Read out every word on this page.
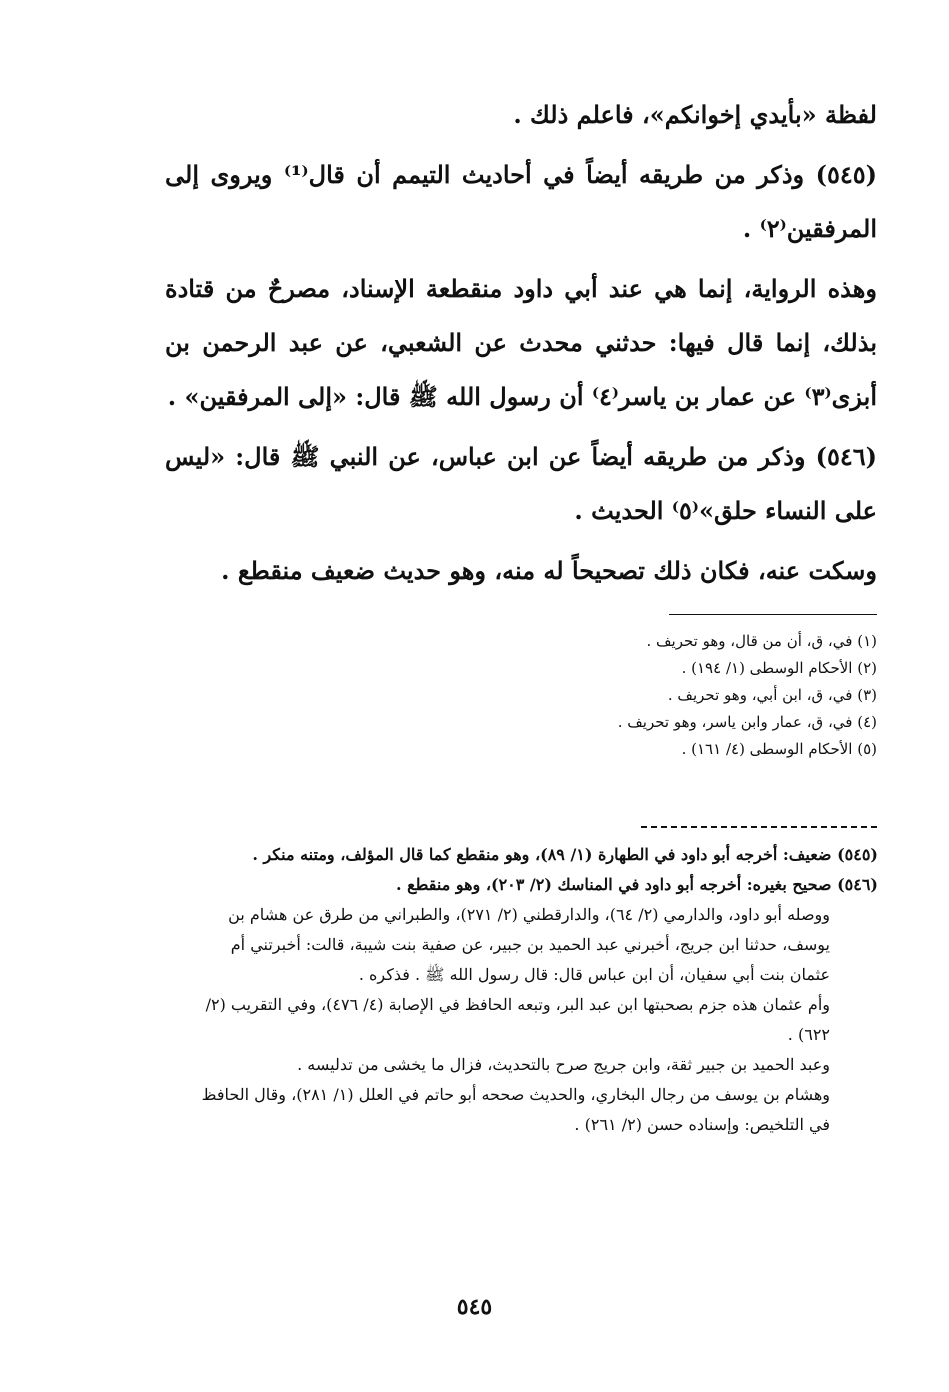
لفظة «بأيدي إخوانكم»، فاعلم ذلك .

(٥٤٥) وذكر من طريقه أيضاً في أحاديث التيمم أن قال⁽¹⁾ ويروى إلى المرفقين⁽٢⁾ .

وهذه الرواية، إنما هي عند أبي داود منقطعة الإسناد، مصرحٌ من قتادة بذلك، إنما قال فيها: حدثني محدث عن الشعبي، عن عبد الرحمن بن أبزى⁽٣⁾ عن عمار بن ياسر⁽٤⁾ أن رسول الله ﷺ قال: «إلى المرفقين» .

(٥٤٦) وذكر من طريقه أيضاً عن ابن عباس، عن النبي ﷺ قال: «ليس على النساء حلق»⁽٥⁾ الحديث .

وسكت عنه، فكان ذلك تصحيحاً له منه، وهو حديث ضعيف منقطع .

(١) في، ق، أن من قال، وهو تحريف .
(٢) الأحكام الوسطى (١/ ١٩٤) .
(٣) في، ق، ابن أبي، وهو تحريف .
(٤) في، ق، عمار وابن ياسر، وهو تحريف .
(٥) الأحكام الوسطى (٤/ ١٦١) .
(٥٤٥) ضعيف: أخرجه أبو داود في الطهارة (١/ ٨٩)، وهو منقطع كما قال المؤلف، ومتنه منكر .
(٥٤٦) صحيح بغيره: أخرجه أبو داود في المناسك (٢/ ٢٠٣)، وهو منقطع .
ووصله أبو داود، والدارمي (٢/ ٦٤)، والدارقطني (٢/ ٢٧١)، والطبراني من طرق عن هشام بن يوسف، حدثنا ابن جريج، أخبرني عبد الحميد بن جبير، عن صفية بنت شيبة، قالت: أخبرتني أم عثمان بنت أبي سفيان، أن ابن عباس قال: قال رسول الله ﷺ . فذكره .
وأم عثمان هذه جزم بصحبتها ابن عبد البر، وتبعه الحافظ في الإصابة (٤/ ٤٧٦)، وفي التقريب (٢/ ٦٢٢) .
وعبد الحميد بن جبير ثقة، وابن جريج صرح بالتحديث، فزال ما يخشى من تدليسه .
وهشام بن يوسف من رجال البخاري، والحديث صححه أبو حاتم في العلل (١/ ٢٨١)، وقال الحافظ في التلخيص: وإسناده حسن (٢/ ٢٦١) .
٥٤٥
